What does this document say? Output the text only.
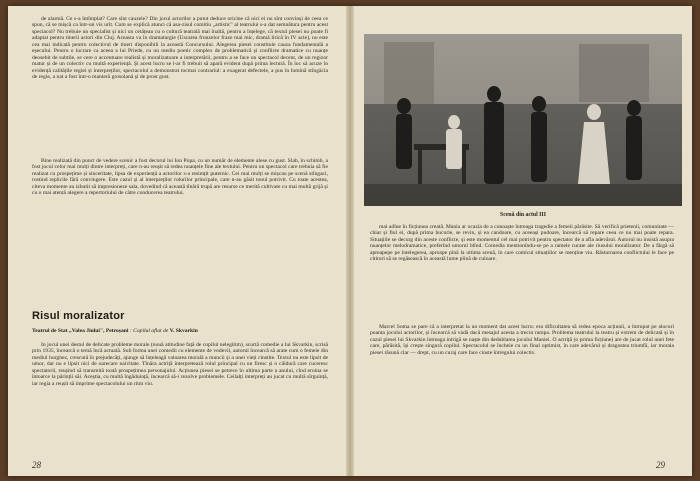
de alarmă. Ce s-a întîmplat? Care sînt cauzele? Din jocul actorilor a putut deduce oricine că nici ei nu sînt convinși de ceea ce spun, că se mișcă ca într-un vis urît. Cum se explică atunci că asa-zisul comitiu „artistic" al teatrului s-a dat semnătura pentru acest spectacol? Nu trebuie un specialist și nici un cetățean cu o cultură teatrală mai înaltă, pentru a înțelege, că textul piesei nu poate fi adaptat pentru tinerii actori din Cluj. Aceasta va în dramaturgie (Uscarea frunzelor fraze mai mic, dramă lirică în IV acte), nu este cea mai indicată pentru colectivul de tineri disponibili la această Concursului. Alegerea piesei constituie cauza fundamentală a eșecului. Pentru o lucrare ca aceea a lui Priede, cu un mediu poetic complex de problematică și conflicte dramatice cu nuanțe deosebit de subtile, se cere o accentuare realistă și moralizatoare a interpretării, pentru a se face un spectacol decent, de un regizor matur și de un colectiv cu multă experiență. Și acest lucru se l-ar fi trebuit să apară evident după prima lectură. În loc să acuze în evidență calitățile regiei și interpreților, spectacolul a demonstrat tocmai contrariul: a exagerat defectele, a pus în lumină stîngăcia de regie, a nat a fost într-o manieră grosolană și de prost gust.

Bine realizată din punct de vedere scenic a fost decorul lui Ion Popa, cu un număr de elemente alese cu gust. Slab, în schimb, a fost jocul celor mai mulți dintre interpreți, care n-au reușit să redea nuanțele fine ale textului. Pentru un spectacol care trebuia să fie realizat cu prospețime și sinceritate, lipsa de experiență a actorilor s-a resimțit puternic. Cei mai mulți se mișcau pe scenă stîngaci, rostind replicile fără convingere. Este cazul și al interpreților rolurilor principale, care n-au găsit tonul potrivit. Cu toate acestea, citeva momente au izbutit să impresioneze sala, dovedind că această tînără trupă are resurse ce merită cultivate cu mai multă grijă și cu o mai atentă alegere a repertoriului de către conducerea teatrului.

Risul moralizator
Teatrul de Stat „Valea Jiului", Petroșani : Copilul aflat de V. Skvarkin

In jocul unei destul de delicate probleme morale (nouă atitudine față de copilul nelegitim), scurtă comedie a lui Skvarkin, scrisă prin 1935, încearcă o temă încă actuală. Sub forma unei comedii cu elemente de vodevil, autorul încearcă să arate cum o femeie din mediul burghez, crescută în prejudecăți, ajunge să înțeleagă valoarea morală a muncii și a unei vieți cinstite. Textul nu este lipsit de umor, dar nu e lipsit nici de oarecare naivitate. Tînăra actriță interpretează rolul principal cu un firesc și o căldură care cuceresc spectatorii, reușind să transmită toată prospețimea personajului. Acțiunea piesei se petrece în ultima parte a anului, cînd eroina se întoarce la părinții săi. Aceștia, cu multă îngăduință, încearcă să-i rezolve problemele. Ceilalți interpreți au jucat cu multă sîrguință, iar regia a reușit să imprime spectacolului un ritm viu.

28
Scenă din actul III

mai adîne în ficțiunea creată. Mania ar ocazia de a cunoaște întreaga tragedie a femeii părăsite. Să verifică prietenii, comunitate — chiar și fiul ei, după prima bucurie, se revin, și ea candoare, cu aceeași pudoare, încearcă să repare ceea ce nu mai poate repara. Situațiile se decurg din aceste conflicte, și este momentul cel mai potrivit pentru spectator de a afla adevărul. Autorul nu insistă asupra nuanțelor melodramatice, preferînd umorul blînd. Comedia mentionîndu-se pe a ramele curate ale riusului moralizator. De a fărgă să apreapepe pe întelegerea, aproape pînă la ultima scenă, în care comicul situațiilor se menține viu. Răsturnarea conflictului le face pe cititori să se regăsească în această lume plină de culoare.

Marcel Soma se pare că a interpretat la un moment dat acest lucru: era dificultatea să redea epoca acțiunii, a întrupat pe alocuri poanta jocului actorilor, și încearcă să vadă dacă mesajul acesta a trecut rampa. Problema teatrului la teatru și extrem de delicată și în cazul piesei lui Skvarkin întreaga intrigă se naște din dedublarea jocului Maniei. O actriță (o prima ficțiune) are de jucat rolul unei fete care, părăsită, își crește singură copilul. Spectacolul se încheie cu un final optimist, în care adevărul și dragostea triumfă, iar morala piesei răsună clar — drept, cu un curaj care face cinste întregului colectiv.

29
